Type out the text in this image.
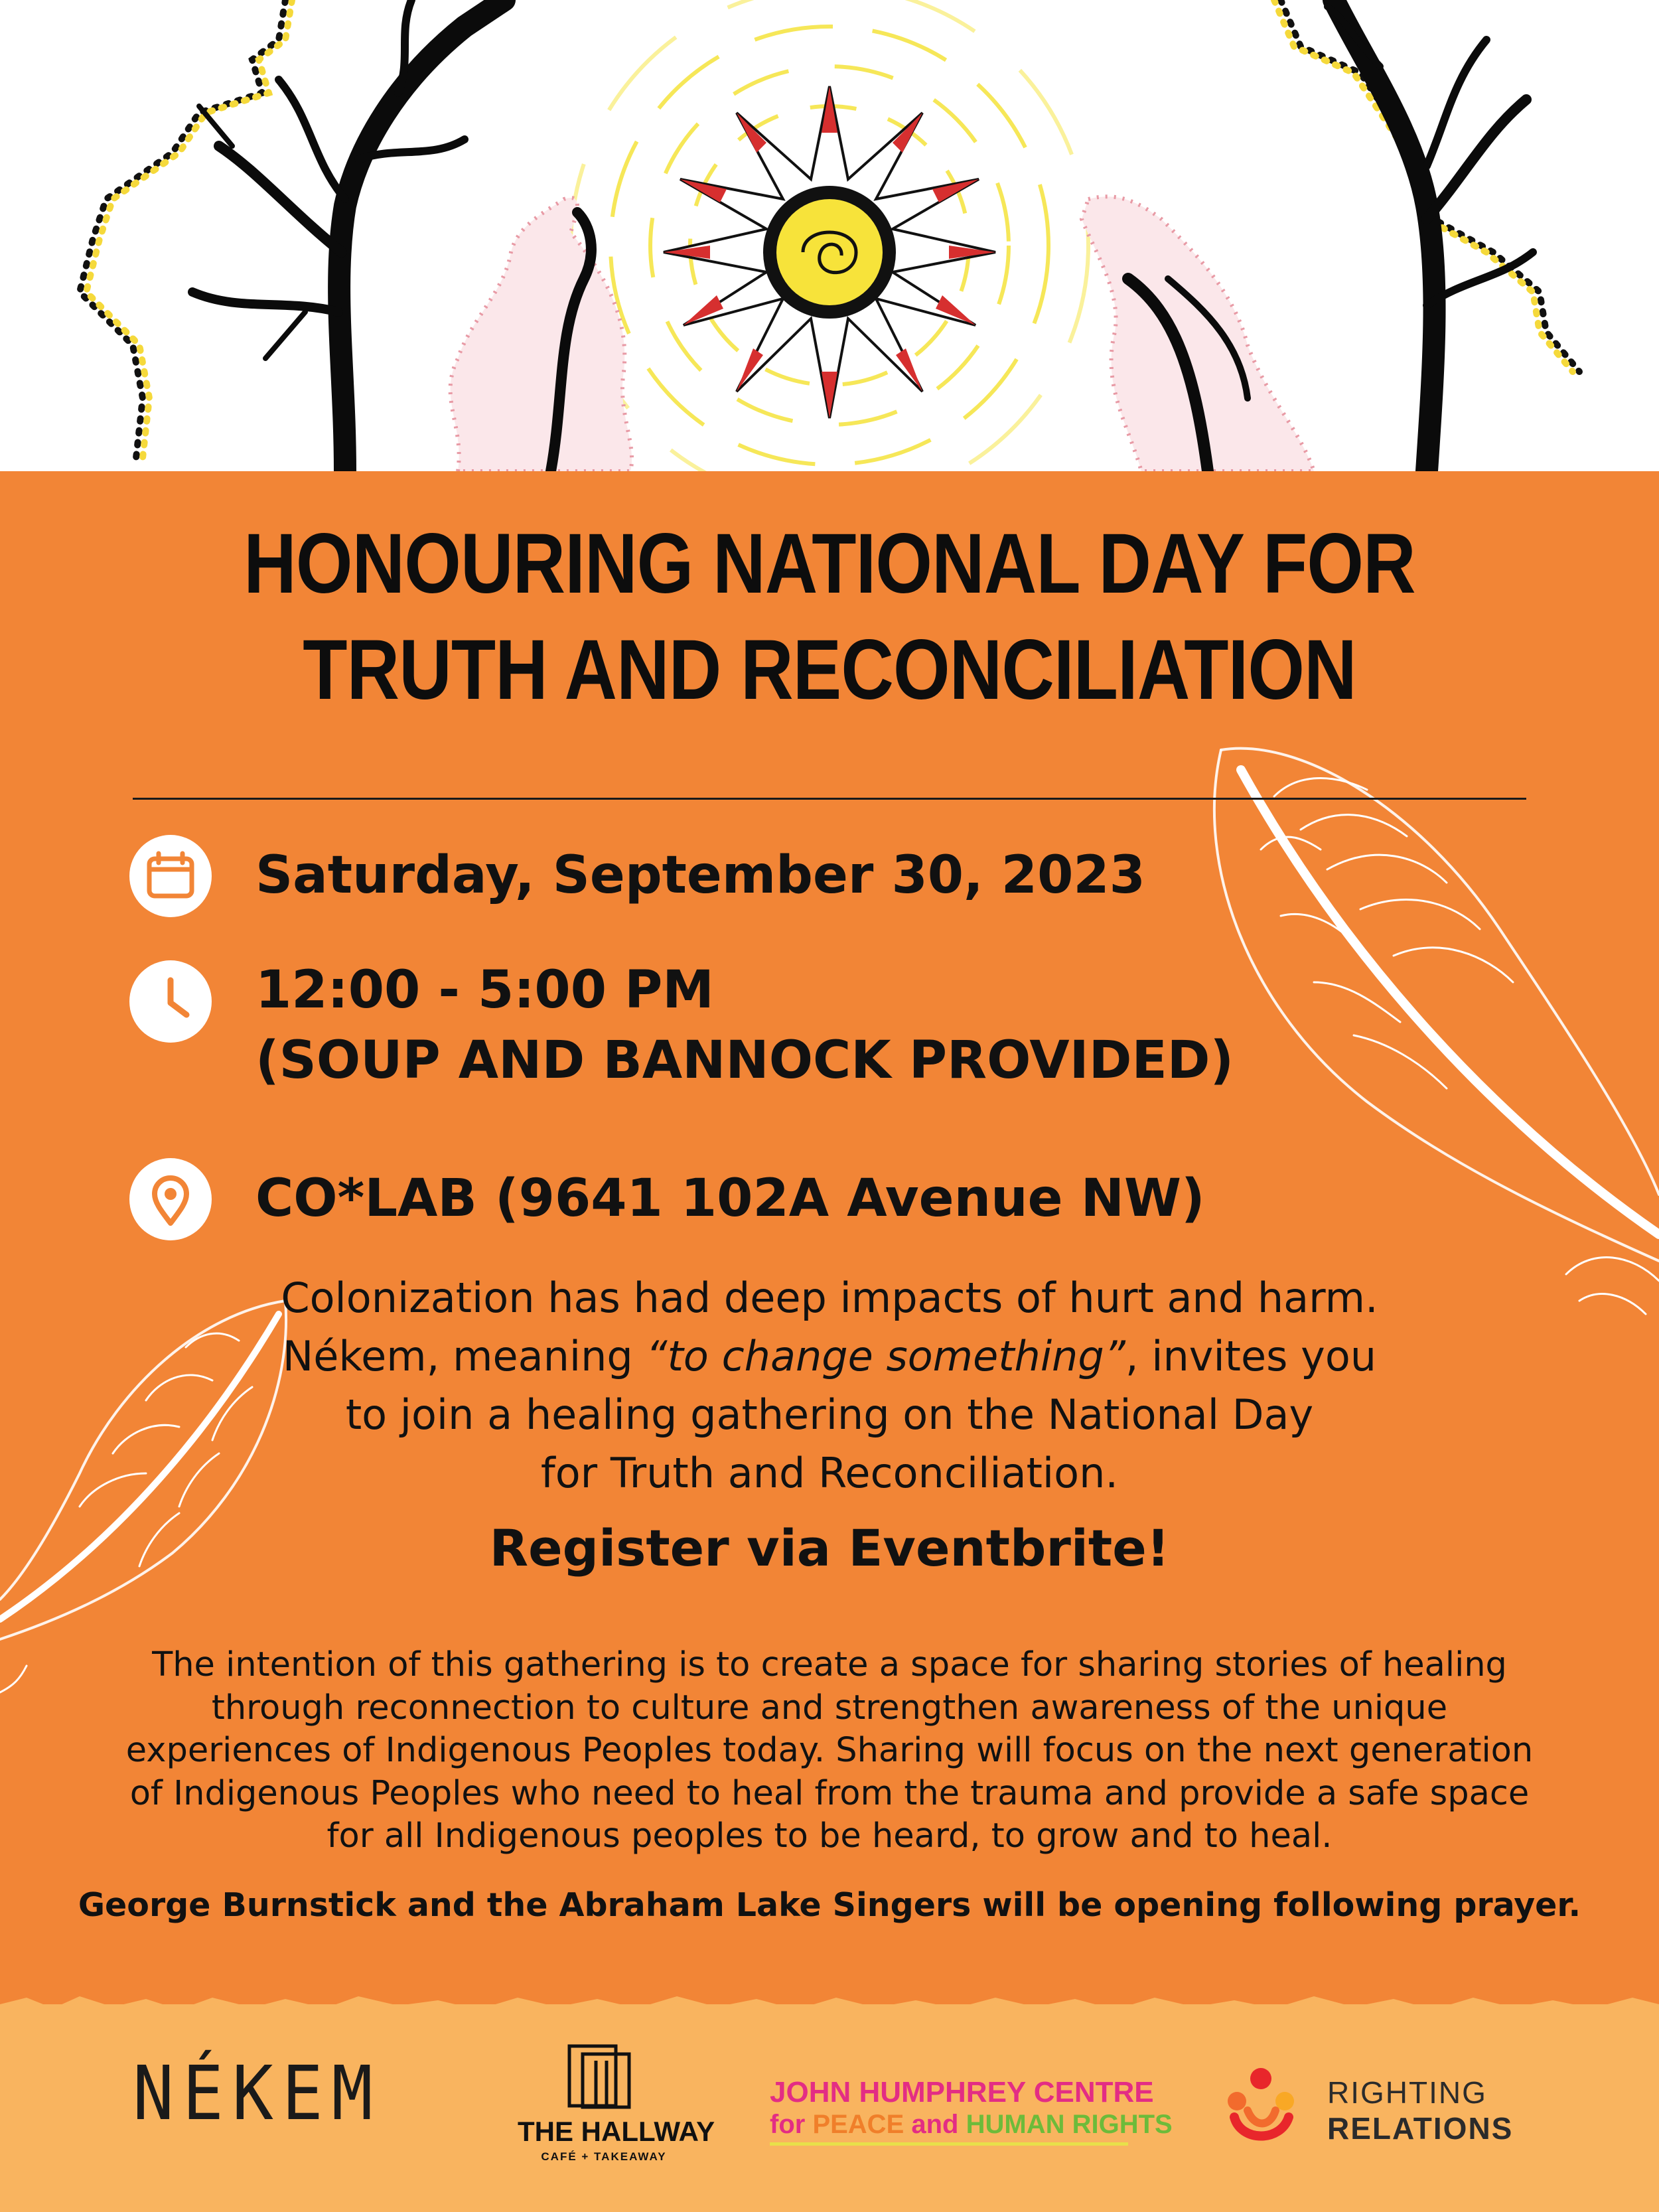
HONOURING NATIONAL DAY FOR
TRUTH AND RECONCILIATION
Saturday, September 30, 2023
12:00 - 5:00 PM
(SOUP AND BANNOCK PROVIDED)
CO*LAB (9641 102A Avenue NW)
Colonization has had deep impacts of hurt and harm.
Nékem, meaning “to change something”, invites you
to join a healing gathering on the National Day
for Truth and Reconciliation.
Register via Eventbrite!
The intention of this gathering is to create a space for sharing stories of healing
through reconnection to culture and strengthen awareness of the unique
experiences of Indigenous Peoples today. Sharing will focus on the next generation
of Indigenous Peoples who need to heal from the trauma and provide a safe space
for all Indigenous peoples to be heard, to grow and to heal.
George Burnstick and the Abraham Lake Singers will be opening following prayer.
NÉKEM	THE HALLWAY
CAFÉ + TAKEAWAY
JOHN HUMPHREY CENTRE
for PEACE and HUMAN RIGHTS
RIGHTING
RELATIONS
